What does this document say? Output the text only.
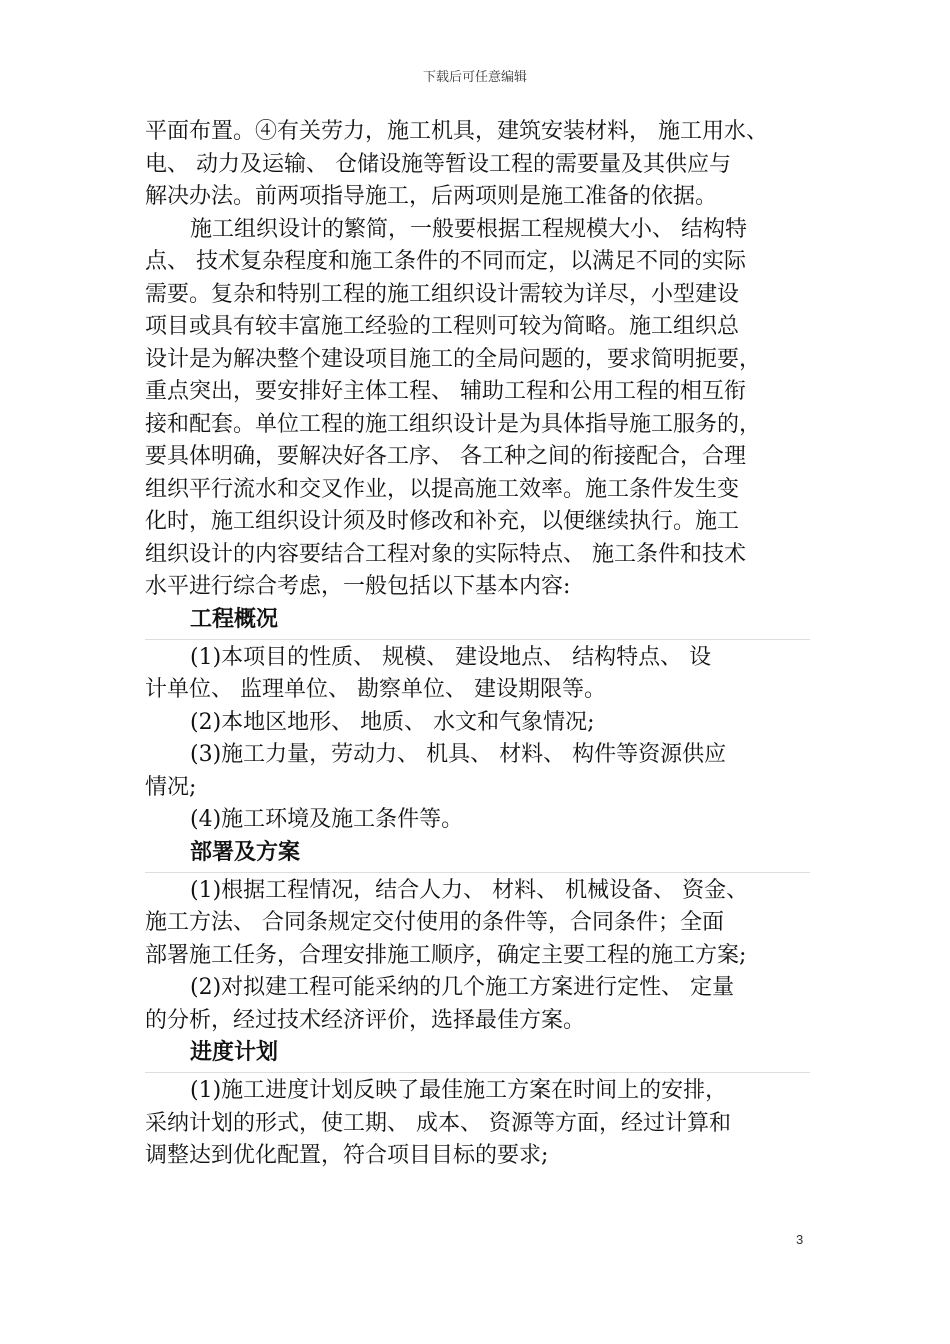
下载后可任意编辑

平面布置。④有关劳力，施工机具，建筑安装材料， 施工用水、

电、 动力及运输、 仓储设施等暂设工程的需要量及其供应与

解决办法。前两项指导施工，后两项则是施工准备的依据。

施工组织设计的繁简，一般要根据工程规模大小、 结构特

点、 技术复杂程度和施工条件的不同而定，以满足不同的实际

需要。复杂和特别工程的施工组织设计需较为详尽，小型建设

项目或具有较丰富施工经验的工程则可较为简略。施工组织总

设计是为解决整个建设项目施工的全局问题的，要求简明扼要，

重点突出，要安排好主体工程、 辅助工程和公用工程的相互衔

接和配套。单位工程的施工组织设计是为具体指导施工服务的，

要具体明确，要解决好各工序、 各工种之间的衔接配合，合理

组织平行流水和交叉作业，以提高施工效率。施工条件发生变

化时，施工组织设计须及时修改和补充，以便继续执行。施工

组织设计的内容要结合工程对象的实际特点、 施工条件和技术

水平进行综合考虑，一般包括以下基本内容:

工程概况

(1)本项目的性质、 规模、 建设地点、 结构特点、 设

计单位、 监理单位、 勘察单位、 建设期限等。

(2)本地区地形、 地质、 水文和气象情况;

(3)施工力量，劳动力、 机具、 材料、 构件等资源供应

情况;

(4)施工环境及施工条件等。

部署及方案

(1)根据工程情况，结合人力、 材料、 机械设备、 资金、

施工方法、 合同条规定交付使用的条件等，合同条件；全面

部署施工任务，合理安排施工顺序，确定主要工程的施工方案;

(2)对拟建工程可能采纳的几个施工方案进行定性、 定量

的分析，经过技术经济评价，选择最佳方案。

进度计划

(1)施工进度计划反映了最佳施工方案在时间上的安排，

采纳计划的形式，使工期、 成本、 资源等方面，经过计算和

调整达到优化配置，符合项目目标的要求;

3
